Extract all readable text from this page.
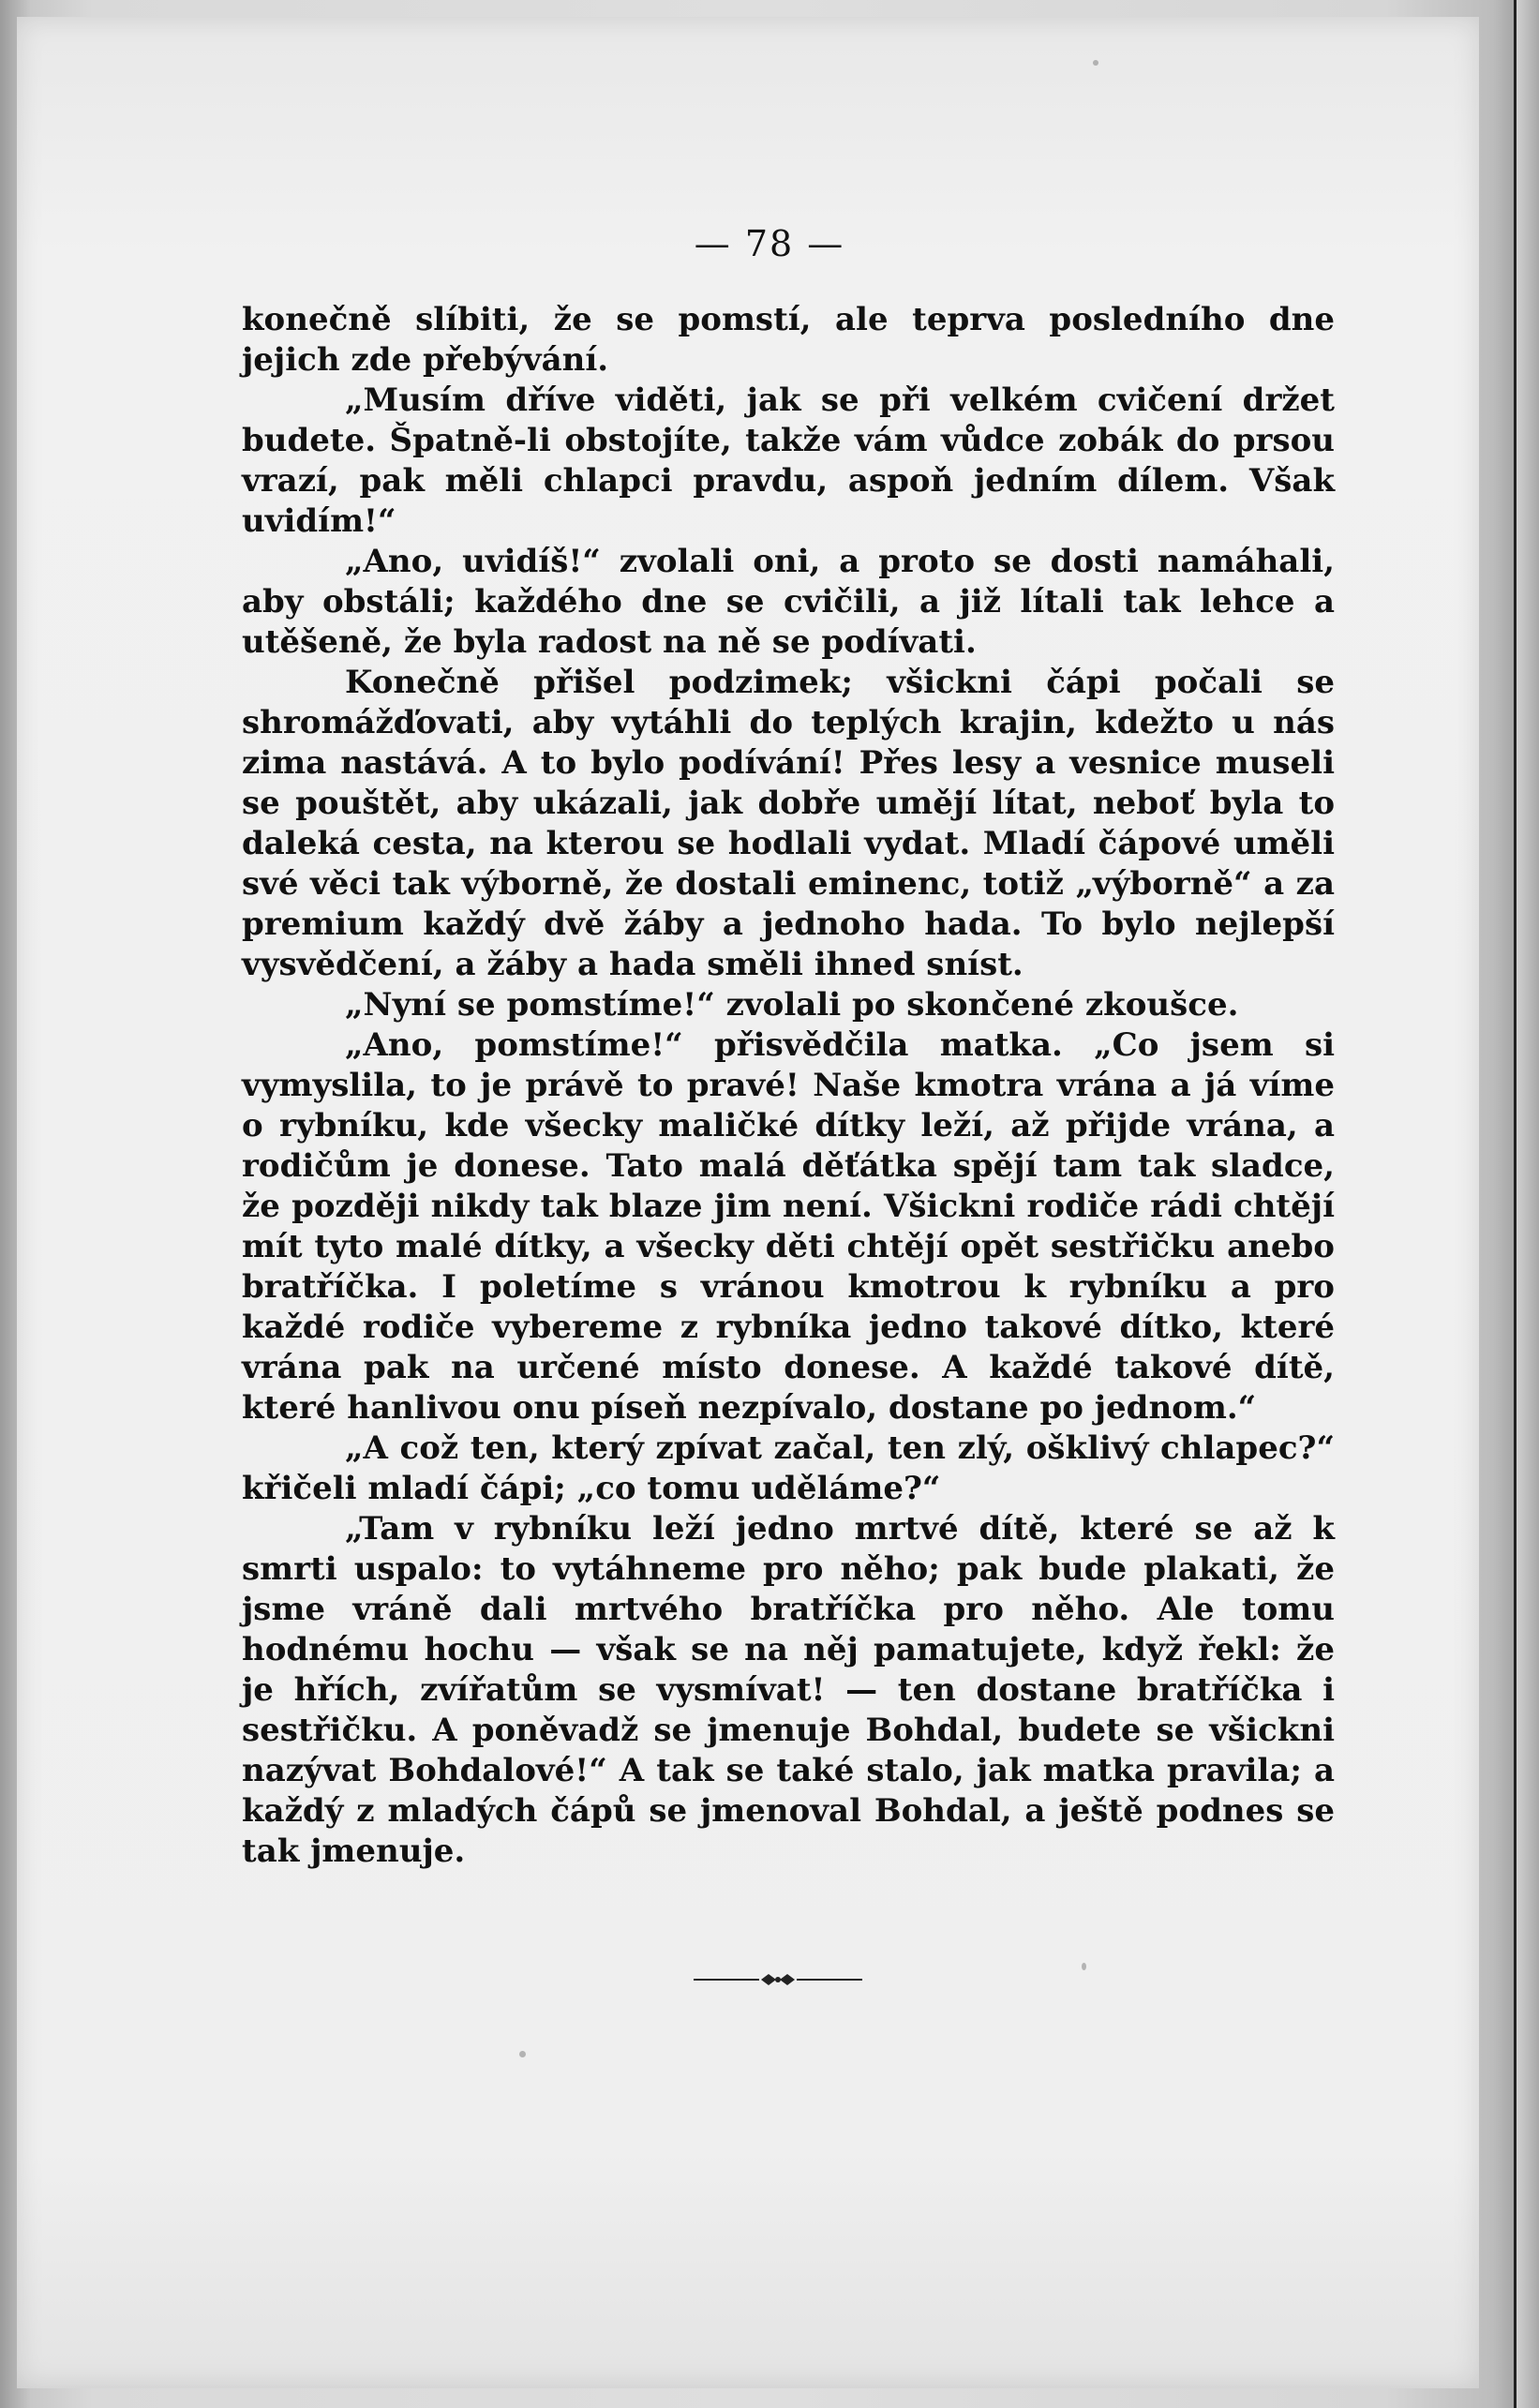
— 78 —

konečně slíbiti, že se pomstí, ale teprva posledního dne jejich zde přebývání.

„Musím dříve viděti, jak se při velkém cvičení držet budete. Špatně-li obstojíte, takže vám vůdce zobák do prsou vrazí, pak měli chlapci pravdu, aspoň jedním dílem. Však uvidím!“

„Ano, uvidíš!“ zvolali oni, a proto se dosti namáhali, aby obstáli; každého dne se cvičili, a již lítali tak lehce a utěšeně, že byla radost na ně se podívati.

Konečně přišel podzimek; všickni čápi počali se shromážďovati, aby vytáhli do teplých krajin, kdežto u nás zima nastává. A to bylo podívání! Přes lesy a vesnice museli se pouštět, aby ukázali, jak dobře umějí lítat, neboť byla to daleká cesta, na kterou se hodlali vydat. Mladí čápové uměli své věci tak výborně, že dostali eminenc, totiž „výborně“ a za premium každý dvě žáby a jednoho hada. To bylo nejlepší vysvědčení, a žáby a hada směli ihned sníst.

„Nyní se pomstíme!“ zvolali po skončené zkoušce.

„Ano, pomstíme!“ přisvědčila matka. „Co jsem si vymyslila, to je právě to pravé! Naše kmotra vrána a já víme o rybníku, kde všecky maličké dítky leží, až přijde vrána, a rodičům je donese. Tato malá děťátka spějí tam tak sladce, že později nikdy tak blaze jim není. Všickni rodiče rádi chtějí mít tyto malé dítky, a všecky děti chtějí opět sestřičku anebo bratříčka. I poletíme s vránou kmotrou k rybníku a pro každé rodiče vybereme z rybníka jedno takové dítko, které vrána pak na určené místo donese. A každé takové dítě, které hanlivou onu píseň nezpívalo, dostane po jednom.“

„A což ten, který zpívat začal, ten zlý, ošklivý chlapec?“ křičeli mladí čápi; „co tomu uděláme?“

„Tam v rybníku leží jedno mrtvé dítě, které se až k smrti uspalo: to vytáhneme pro něho; pak bude plakati, že jsme vráně dali mrtvého bratříčka pro něho. Ale tomu hodnému hochu — však se na něj pamatujete, když řekl: že je hřích, zvířatům se vysmívat! — ten dostane bratříčka i sestřičku. A poněvadž se jmenuje Bohdal, budete se všickni nazývat Bohdalové!“ A tak se také stalo, jak matka pravila; a každý z mladých čápů se jmenoval Bohdal, a ještě podnes se tak jmenuje.
